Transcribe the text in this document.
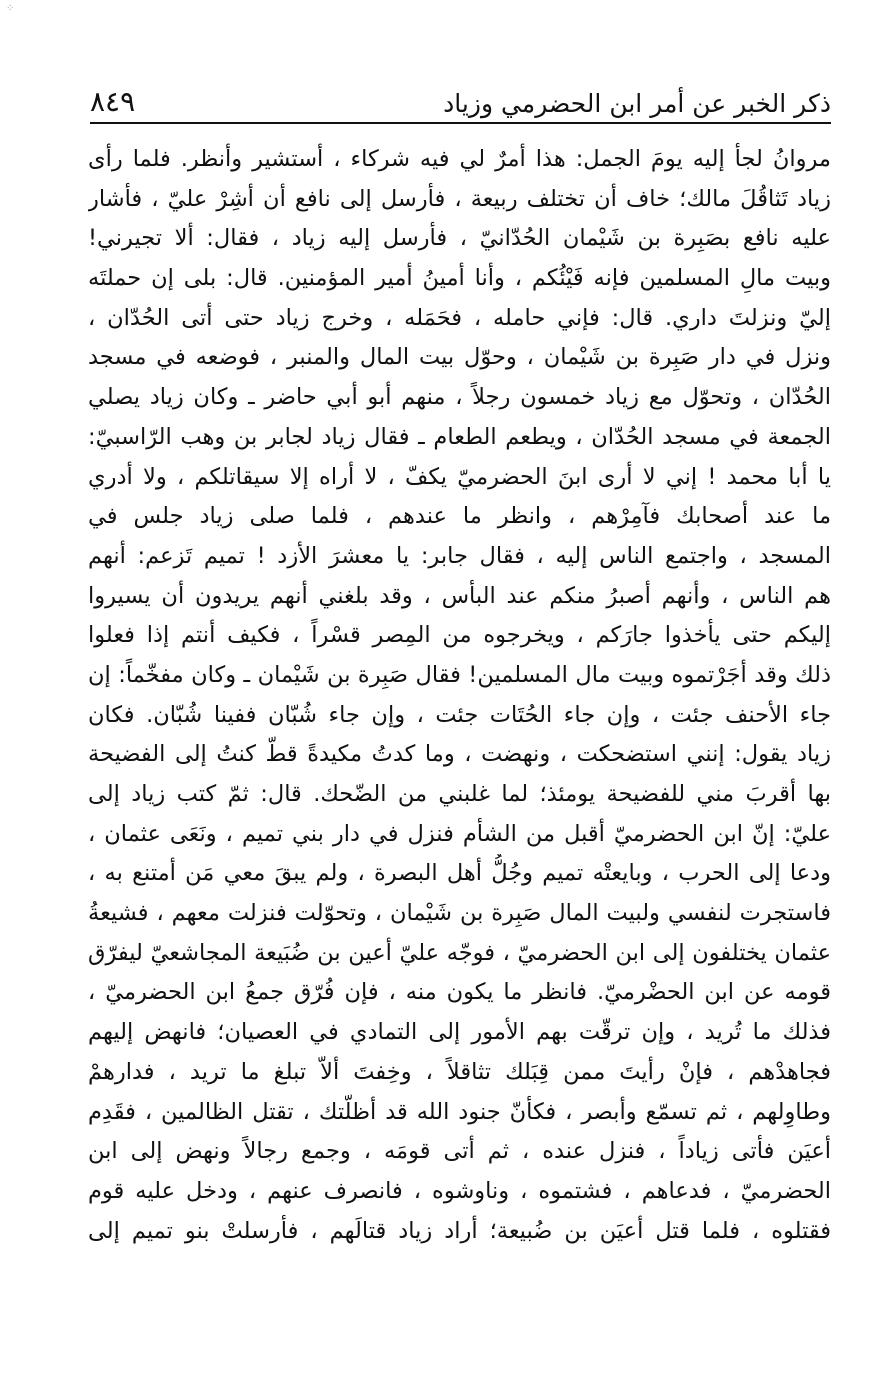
⁘
ذكر الخبر عن أمر ابن الحضرمي وزياد
٨٤٩
مروانُ لجأ إليه يومَ الجمل: هذا أمرٌ لي فيه شركاء ، أستشير وأنظر. فلما رأى
زياد تَثاقُلَ مالك؛ خاف أن تختلف ربيعة ، فأرسل إلى نافع أن أشِرْ عليّ ، فأشار
عليه نافع بصَبِرة بن شَيْمان الحُدّانيّ ، فأرسل إليه زياد ، فقال: ألا تجيرني!
وبيت مالِ المسلمين فإنه فَيْئُكم ، وأنا أمينُ أمير المؤمنين. قال: بلى إن حملتَه
إليّ ونزلتَ داري. قال: فإني حامله ، فحَمَله ، وخرج زياد حتى أتى الحُدّان ،
ونزل في دار صَبِرة بن شَيْمان ، وحوّل بيت المال والمنبر ، فوضعه في مسجد
الحُدّان ، وتحوّل مع زياد خمسون رجلاً ، منهم أبو أبي حاضر ـ وكان زياد يصلي
الجمعة في مسجد الحُدّان ، ويطعم الطعام ـ فقال زياد لجابر بن وهب الرّاسبيّ:
يا أبا محمد ! إني لا أرى ابنَ الحضرميّ يكفّ ، لا أراه إلا سيقاتلكم ، ولا أدري
ما عند أصحابك فآمِرْهم ، وانظر ما عندهم ، فلما صلى زياد جلس في
المسجد ، واجتمع الناس إليه ، فقال جابر: يا معشرَ الأزد ! تميم تَزعم: أنهم
هم الناس ، وأنهم أصبرُ منكم عند البأس ، وقد بلغني أنهم يريدون أن يسيروا
إليكم حتى يأخذوا جارَكم ، ويخرجوه من المِصر قسْراً ، فكيف أنتم إذا فعلوا
ذلك وقد أجَرْتموه وبيت مال المسلمين! فقال صَبِرة بن شَيْمان ـ وكان مفخّماً: إن
جاء الأحنف جئت ، وإن جاء الحُتَات جئت ، وإن جاء شُبّان ففينا شُبّان. فكان
زياد يقول: إنني استضحكت ، ونهضت ، وما كدتُ مكيدةً قطّ كنتُ إلى الفضيحة
بها أقربَ مني للفضيحة يومئذ؛ لما غلبني من الضّحك. قال: ثمّ كتب زياد إلى
عليّ: إنّ ابن الحضرميّ أقبل من الشأم فنزل في دار بني تميم ، ونَعَى عثمان ،
ودعا إلى الحرب ، وبايعتْه تميم وجُلُّ أهل البصرة ، ولم يبقَ معي مَن أمتنع به ،
فاستجرت لنفسي ولبيت المال صَبِرة بن شَيْمان ، وتحوّلت فنزلت معهم ، فشيعةُ
عثمان يختلفون إلى ابن الحضرميّ ، فوجّه عليّ أعين بن ضُبَيعة المجاشعيّ ليفرّق
قومه عن ابن الحضْرميّ. فانظر ما يكون منه ، فإن فُرّق جمعُ ابن الحضرميّ ،
فذلك ما تُريد ، وإن ترقّت بهم الأمور إلى التمادي في العصيان؛ فانهض إليهم
فجاهدْهم ، فإنْ رأيتَ ممن قِبَلك تثاقلاً ، وخِفتَ ألاّ تبلغ ما تريد ، فدارهمْ
وطاوِلهم ، ثم تسمّع وأبصر ، فكأنّ جنود الله قد أظلّتك ، تقتل الظالمين ، فقَدِم
أعيَن فأتى زياداً ، فنزل عنده ، ثم أتى قومَه ، وجمع رجالاً ونهض إلى ابن
الحضرميّ ، فدعاهم ، فشتموه ، وناوشوه ، فانصرف عنهم ، ودخل عليه قوم
فقتلوه ، فلما قتل أعيَن بن ضُبيعة؛ أراد زياد قتالَهم ، فأرسلتْ بنو تميم إلى
